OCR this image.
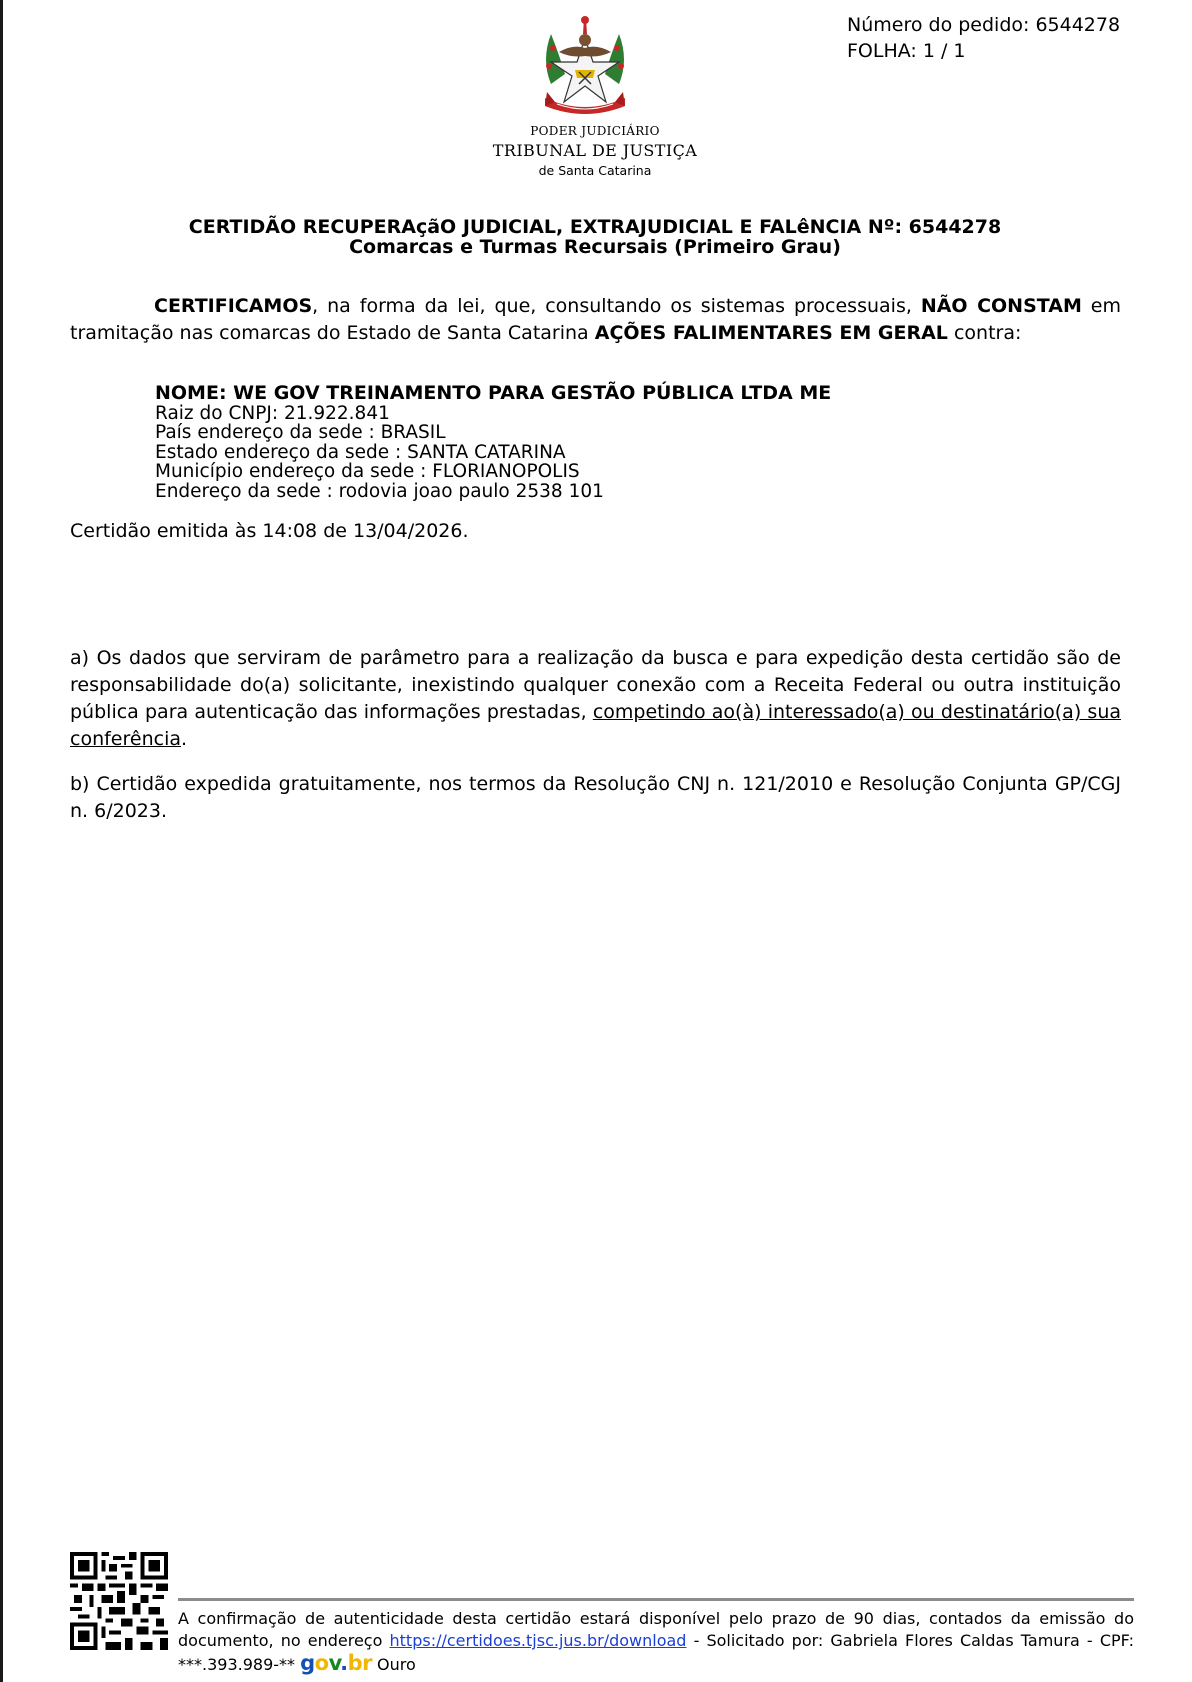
Número do pedido: 6544278
FOLHA: 1 / 1
PODER JUDICIÁRIO
TRIBUNAL DE JUSTIÇA
de Santa Catarina
CERTIDÃO RECUPERAçãO JUDICIAL, EXTRAJUDICIAL E FALêNCIA Nº: 6544278
Comarcas e Turmas Recursais (Primeiro Grau)
CERTIFICAMOS, na forma da lei, que, consultando os sistemas processuais, NÃO CONSTAM em tramitação nas comarcas do Estado de Santa Catarina AÇÕES FALIMENTARES EM GERAL contra:
NOME: WE GOV TREINAMENTO PARA GESTÃO PÚBLICA LTDA ME
Raiz do CNPJ: 21.922.841
País endereço da sede : BRASIL
Estado endereço da sede : SANTA CATARINA
Município endereço da sede : FLORIANOPOLIS
Endereço da sede : rodovia joao paulo 2538 101
Certidão emitida às 14:08 de 13/04/2026.
a) Os dados que serviram de parâmetro para a realização da busca e para expedição desta certidão são de responsabilidade do(a) solicitante, inexistindo qualquer conexão com a Receita Federal ou outra instituição pública para autenticação das informações prestadas, competindo ao(à) interessado(a) ou destinatário(a) sua conferência.
b) Certidão expedida gratuitamente, nos termos da Resolução CNJ n. 121/2010 e Resolução Conjunta GP/CGJ n. 6/2023.
A confirmação de autenticidade desta certidão estará disponível pelo prazo de 90 dias, contados da emissão do documento, no endereço https://certidoes.tjsc.jus.br/download - Solicitado por: Gabriela Flores Caldas Tamura - CPF: ***.393.989-** gov.br Ouro
